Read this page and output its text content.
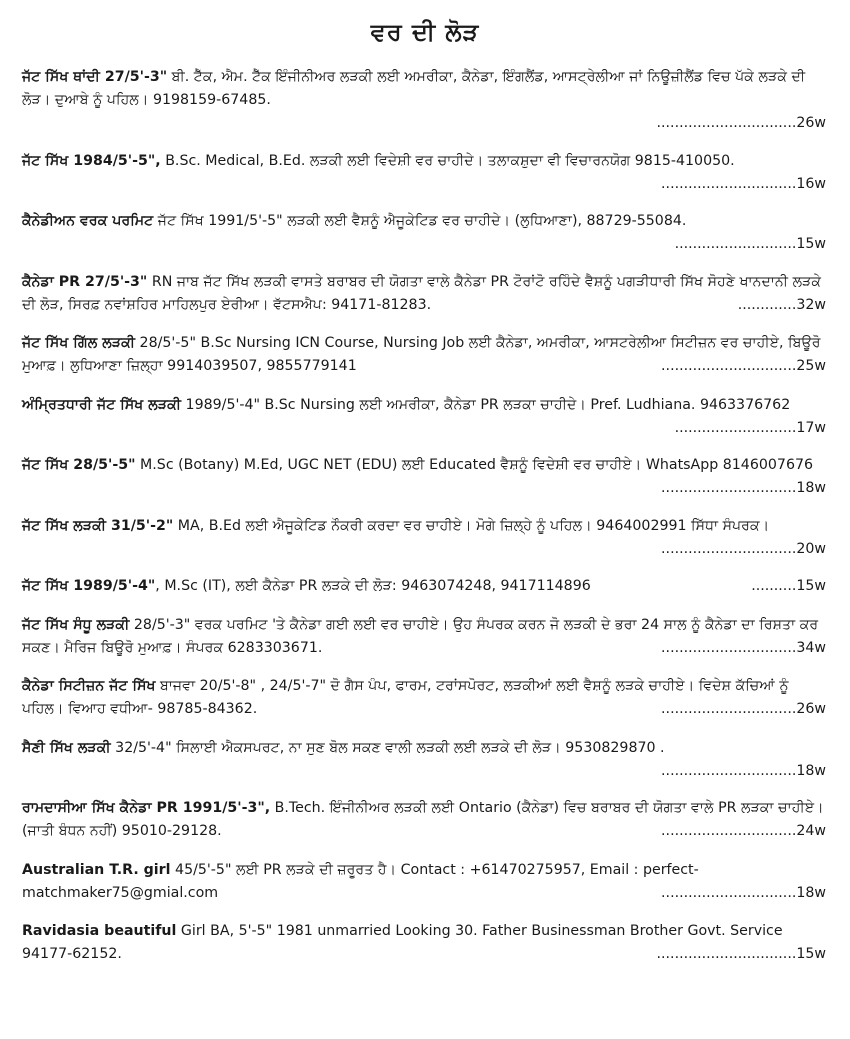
ਵਰ ਦੀ ਲੋੜ
ਜੱਟ ਸਿੱਖ ਥਾਂਦੀ 27/5'-3" ਬੀ. ਟੈੱਕ, ਐਮ. ਟੈੱਕ ਇੰਜੀਨੀਅਰ ਲੜਕੀ ਲਈ ਅਮਰੀਕਾ, ਕੈਨੇਡਾ, ਇੰਗਲੈਂਡ, ਆਸਟ੍ਰੇਲੀਆ ਜਾਂ ਨਿਊਜ਼ੀਲੈਂਡ ਵਿਚ ਪੱਕੇ ਲੜਕੇ ਦੀ ਲੋੜ। ਦੁਆਬੇ ਨੂੰ ਪਹਿਲ। 9198159-67485.
...............................26w
ਜੱਟ ਸਿੱਖ 1984/5'-5", B.Sc. Medical, B.Ed. ਲੜਕੀ ਲਈ ਵਿਦੇਸ਼ੀ ਵਰ ਚਾਹੀਦੇ। ਤਲਾਕਸ਼ੁਦਾ ਵੀ ਵਿਚਾਰਨਯੋਗ 9815-410050.
..............................16w
ਕੈਨੇਡੀਅਨ ਵਰਕ ਪਰਮਿਟ ਜੱਟ ਸਿੱਖ 1991/5'-5" ਲੜਕੀ ਲਈ ਵੈਸ਼ਨੂੰ ਐਜੂਕੇਟਿਡ ਵਰ ਚਾਹੀਦੇ। (ਲੁਧਿਆਣਾ), 88729-55084.
...........................15w
ਕੈਨੇਡਾ PR 27/5'-3" RN ਜਾਬ ਜੱਟ ਸਿੱਖ ਲੜਕੀ ਵਾਸਤੇ ਬਰਾਬਰ ਦੀ ਯੋਗਤਾ ਵਾਲੇ ਕੈਨੇਡਾ PR ਟੋਰਾਂਟੋ ਰਹਿੰਦੇ ਵੈਸ਼ਨੂੰ ਪਗੜੀਧਾਰੀ ਸਿੱਖ ਸੋਹਣੇ ਖਾਨਦਾਨੀ ਲੜਕੇ ਦੀ ਲੋੜ, ਸਿਰਫ਼ ਨਵਾਂਸ਼ਹਿਰ ਮਾਹਿਲਪੁਰ ਏਰੀਆ। ਵੱਟਸਐਪ: 94171-81283.	.............32w
ਜੱਟ ਸਿੱਖ ਗਿੱਲ ਲੜਕੀ 28/5'-5" B.Sc Nursing ICN Course, Nursing Job ਲਈ ਕੈਨੇਡਾ, ਅਮਰੀਕਾ, ਆਸਟਰੇਲੀਆ ਸਿਟੀਜ਼ਨ ਵਰ ਚਾਹੀਏ, ਬਿਊਰੋ ਮੁਆਫ਼। ਲੁਧਿਆਣਾ ਜ਼ਿਲ੍ਹਾ 9914039507, 9855779141	..............................25w
ਅੰਮ੍ਰਿਤਧਾਰੀ ਜੱਟ ਸਿੱਖ ਲੜਕੀ 1989/5'-4" B.Sc Nursing ਲਈ ਅਮਰੀਕਾ, ਕੈਨੇਡਾ PR ਲੜਕਾ ਚਾਹੀਦੇ। Pref. Ludhiana. 9463376762
...........................17w
ਜੱਟ ਸਿੱਖ 28/5'-5" M.Sc (Botany) M.Ed, UGC NET (EDU) ਲਈ Educated ਵੈਸ਼ਨੂੰ ਵਿਦੇਸ਼ੀ ਵਰ ਚਾਹੀਏ। WhatsApp 8146007676
..............................18w
ਜੱਟ ਸਿੱਖ ਲੜਕੀ 31/5'-2" MA, B.Ed ਲਈ ਐਜੂਕੇਟਿਡ ਨੌਕਰੀ ਕਰਦਾ ਵਰ ਚਾਹੀਏ। ਮੋਗੇ ਜ਼ਿਲ੍ਹੇ ਨੂੰ ਪਹਿਲ। 9464002991 ਸਿੱਧਾ ਸੰਪਰਕ।
..............................20w
ਜੱਟ ਸਿੱਖ 1989/5'-4", M.Sc (IT), ਲਈ ਕੈਨੇਡਾ PR ਲੜਕੇ ਦੀ ਲੋੜ: 9463074248, 9417114896	..........15w
ਜੱਟ ਸਿੱਖ ਸੰਧੂ ਲੜਕੀ 28/5'-3" ਵਰਕ ਪਰਮਿਟ 'ਤੇ ਕੈਨੇਡਾ ਗਈ ਲਈ ਵਰ ਚਾਹੀਏ। ਉਹ ਸੰਪਰਕ ਕਰਨ ਜੋ ਲੜਕੀ ਦੇ ਭਰਾ 24 ਸਾਲ ਨੂੰ ਕੈਨੇਡਾ ਦਾ ਰਿਸ਼ਤਾ ਕਰ ਸਕਣ। ਮੈਰਿਜ ਬਿਊਰੋ ਮੁਆਫ਼। ਸੰਪਰਕ 6283303671.	..............................34w
ਕੈਨੇਡਾ ਸਿਟੀਜ਼ਨ ਜੱਟ ਸਿੱਖ ਬਾਜਵਾ 20/5'-8" , 24/5'-7" ਦੋ ਗੈਸ ਪੰਪ, ਫਾਰਮ, ਟਰਾਂਸਪੋਰਟ, ਲੜਕੀਆਂ ਲਈ ਵੈਸ਼ਨੂੰ ਲੜਕੇ ਚਾਹੀਏ। ਵਿਦੇਸ਼ ਕੱਚਿਆਂ ਨੂੰ ਪਹਿਲ। ਵਿਆਹ ਵਧੀਆ- 98785-84362.	..............................26w
ਸੈਣੀ ਸਿੱਖ ਲੜਕੀ 32/5'-4" ਸਿਲਾਈ ਐਕਸਪਰਟ, ਨਾ ਸੁਣ ਬੋਲ ਸਕਣ ਵਾਲੀ ਲੜਕੀ ਲਈ ਲੜਕੇ ਦੀ ਲੋੜ। 9530829870 .
..............................18w
ਰਾਮਦਾਸੀਆ ਸਿੱਖ ਕੈਨੇਡਾ PR 1991/5'-3", B.Tech. ਇੰਜੀਨੀਅਰ ਲੜਕੀ ਲਈ Ontario (ਕੈਨੇਡਾ) ਵਿਚ ਬਰਾਬਰ ਦੀ ਯੋਗਤਾ ਵਾਲੇ PR ਲੜਕਾ ਚਾਹੀਏ। (ਜਾਤੀ ਬੰਧਨ ਨਹੀਂ) 95010-29128.	..............................24w
Australian T.R. girl 45/5'-5" ਲਈ PR ਲੜਕੇ ਦੀ ਜ਼ਰੂਰਤ ਹੈ। Contact : +61470275957, Email : perfect-matchmaker75@gmial.com	..............................18w
Ravidasia beautiful Girl BA, 5'-5" 1981 unmarried Looking 30. Father Businessman Brother Govt. Service 94177-62152.	...............................15w
